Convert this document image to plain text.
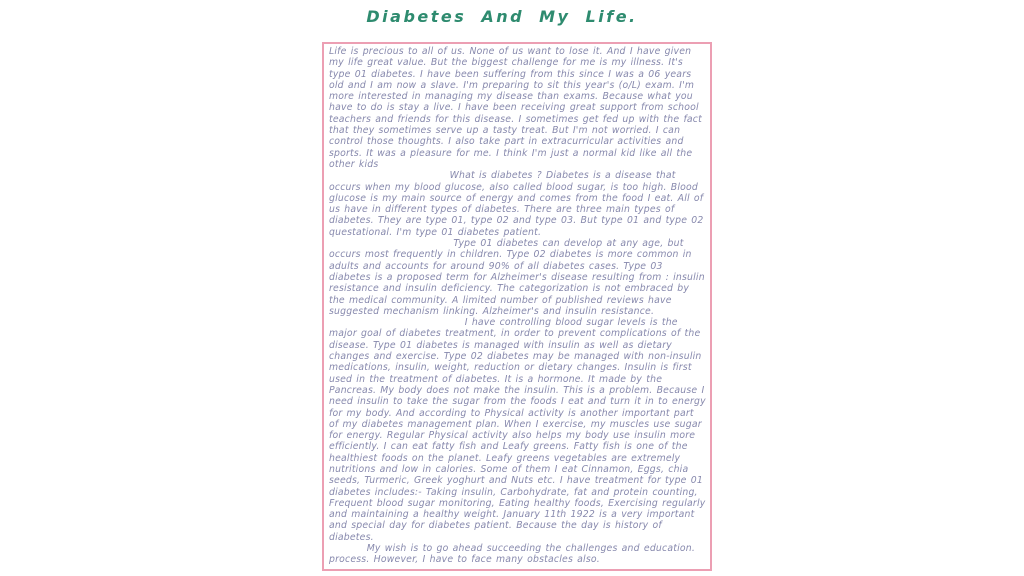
Diabetes And My Life.

Life is precious to all of us. None of us want to lose it. And I have given my life great value. But the biggest challenge for me is my illness. It's type 01 diabetes. I have been suffering from this since I was a 06 years old and I am now a slave. I'm preparing to sit this year's (o/L) exam. I'm more interested in managing my disease than exams. Because what you have to do is stay a live. I have been receiving great support from school teachers and friends for this disease. I sometimes get fed up with the fact that they sometimes serve up a tasty treat. But I'm not worried. I can control those thoughts. I also take part in extracurricular activities and sports. It was a pleasure for me. I think I'm just a normal kid like all the other kids

What is diabetes ? Diabetes is a disease that occurs when my blood glucose, also called blood sugar, is too high. Blood glucose is my main source of energy and comes from the food I eat. All of us have in different types of diabetes. There are three main types of diabetes. They are type 01, type 02 and type 03. But type 01 and type 02 questational. I'm type 01 diabetes patient.

Type 01 diabetes can develop at any age, but occurs most frequently in children. Type 02 diabetes is more common in adults and accounts for around 90% of all diabetes cases. Type 03 diabetes is a proposed term for Alzheimer's disease resulting from : insulin resistance and insulin deficiency. The categorization is not embraced by the medical community. A limited number of published reviews have suggested mechanism linking. Alzheimer's and insulin resistance.

I have controlling blood sugar levels is the major goal of diabetes treatment, in order to prevent complications of the disease. Type 01 diabetes is managed with insulin as well as dietary changes and exercise. Type 02 diabetes may be managed with non-insulin medications, insulin, weight, reduction or dietary changes. Insulin is first used in the treatment of diabetes. It is a hormone. It made by the Pancreas. My body does not make the insulin. This is a problem. Because I need insulin to take the sugar from the foods I eat and turn it in to energy for my body. And according to Physical activity is another important part of my diabetes management plan. When I exercise, my muscles use sugar for energy. Regular Physical activity also helps my body use insulin more efficiently. I can eat fatty fish and Leafy greens. Fatty fish is one of the healthiest foods on the planet. Leafy greens vegetables are extremely nutritions and low in calories. Some of them I eat Cinnamon, Eggs, chia seeds, Turmeric, Greek yoghurt and Nuts etc. I have treatment for type 01 diabetes includes:- Taking insulin, Carbohydrate, fat and protein counting, Frequent blood sugar monitoring, Eating healthy foods, Exercising regularly and maintaining a healthy weight. January 11th 1922 is a very important and special day for diabetes patient. Because the day is history of diabetes.

My wish is to go ahead succeeding the challenges and education. process. However, I have to face many obstacles also.
